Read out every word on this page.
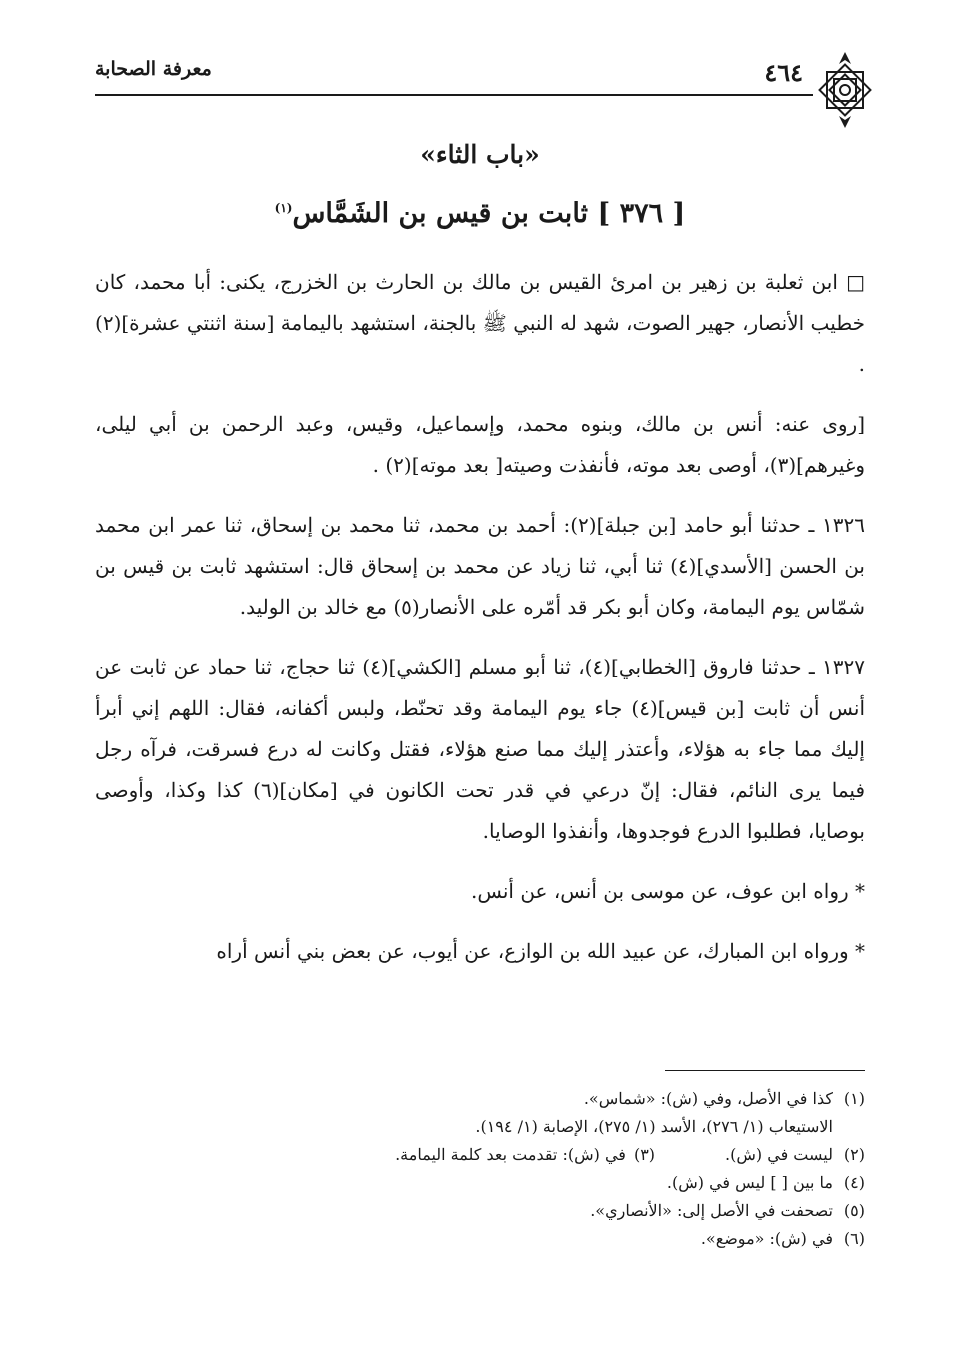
٤٦٤
معرفة الصحابة
«باب الثاء»
[ ٣٧٦ ] ثابت بن قيس بن الشَمَّاس$^{(١)}$

□ ابن ثعلبة بن زهير بن امرئ القيس بن مالك بن الحارث بن الخزرج، يكنى: أبا محمد، كان خطيب الأنصار، جهير الصوت، شهد له النبي ﷺ بالجنة، استشهد باليمامة [سنة اثنتي عشرة](٢) .

[روى عنه: أنس بن مالك، وبنوه محمد، وإسماعيل، وقيس، وعبد الرحمن بن أبي ليلى، وغيرهم](٣)، أوصى بعد موته، فأنفذت وصيته[ بعد موته](٢) .

١٣٢٦ ـ حدثنا أبو حامد [بن جبلة](٢): أحمد بن محمد، ثنا محمد بن إسحاق، ثنا عمر ابن محمد بن الحسن [الأسدي](٤) ثنا أبي، ثنا زياد عن محمد بن إسحاق قال: استشهد ثابت بن قيس بن شمّاس يوم اليمامة، وكان أبو بكر قد أمّره على الأنصار(٥) مع خالد بن الوليد.

١٣٢٧ ـ حدثنا فاروق [الخطابي](٤)، ثنا أبو مسلم [الكشي](٤) ثنا حجاج، ثنا حماد عن ثابت عن أنس أن ثابت [بن قيس](٤) جاء يوم اليمامة وقد تحنّط، ولبس أكفانه، فقال: اللهم إني أبرأ إليك مما جاء به هؤلاء، وأعتذر إليك مما صنع هؤلاء، فقتل وكانت له درع فسرقت، فرآه رجل فيما يرى النائم، فقال: إنّ درعي في قدر تحت الكانون في [مكان](٦) كذا وكذا، وأوصى بوصايا، فطلبوا الدرع فوجدوها، وأنفذوا الوصايا.

* رواه ابن عوف، عن موسى بن أنس، عن أنس.

* ورواه ابن المبارك، عن عبيد الله بن الوازع، عن أيوب، عن بعض بني أنس أراه

(١)
كذا في الأصل، وفي (ش): «شماس».
الاستيعاب (١/ ٢٧٦)، الأسد (١/ ٢٧٥)، الإصابة (١/ ١٩٤).
(٢)
ليست في (ش).
(٣)
في (ش): تقدمت بعد كلمة اليمامة.
(٤)
ما بين [ ] ليس في (ش).
(٥)
تصحفت في الأصل إلى: «الأنصاري».
(٦)
في (ش): «موضع».
